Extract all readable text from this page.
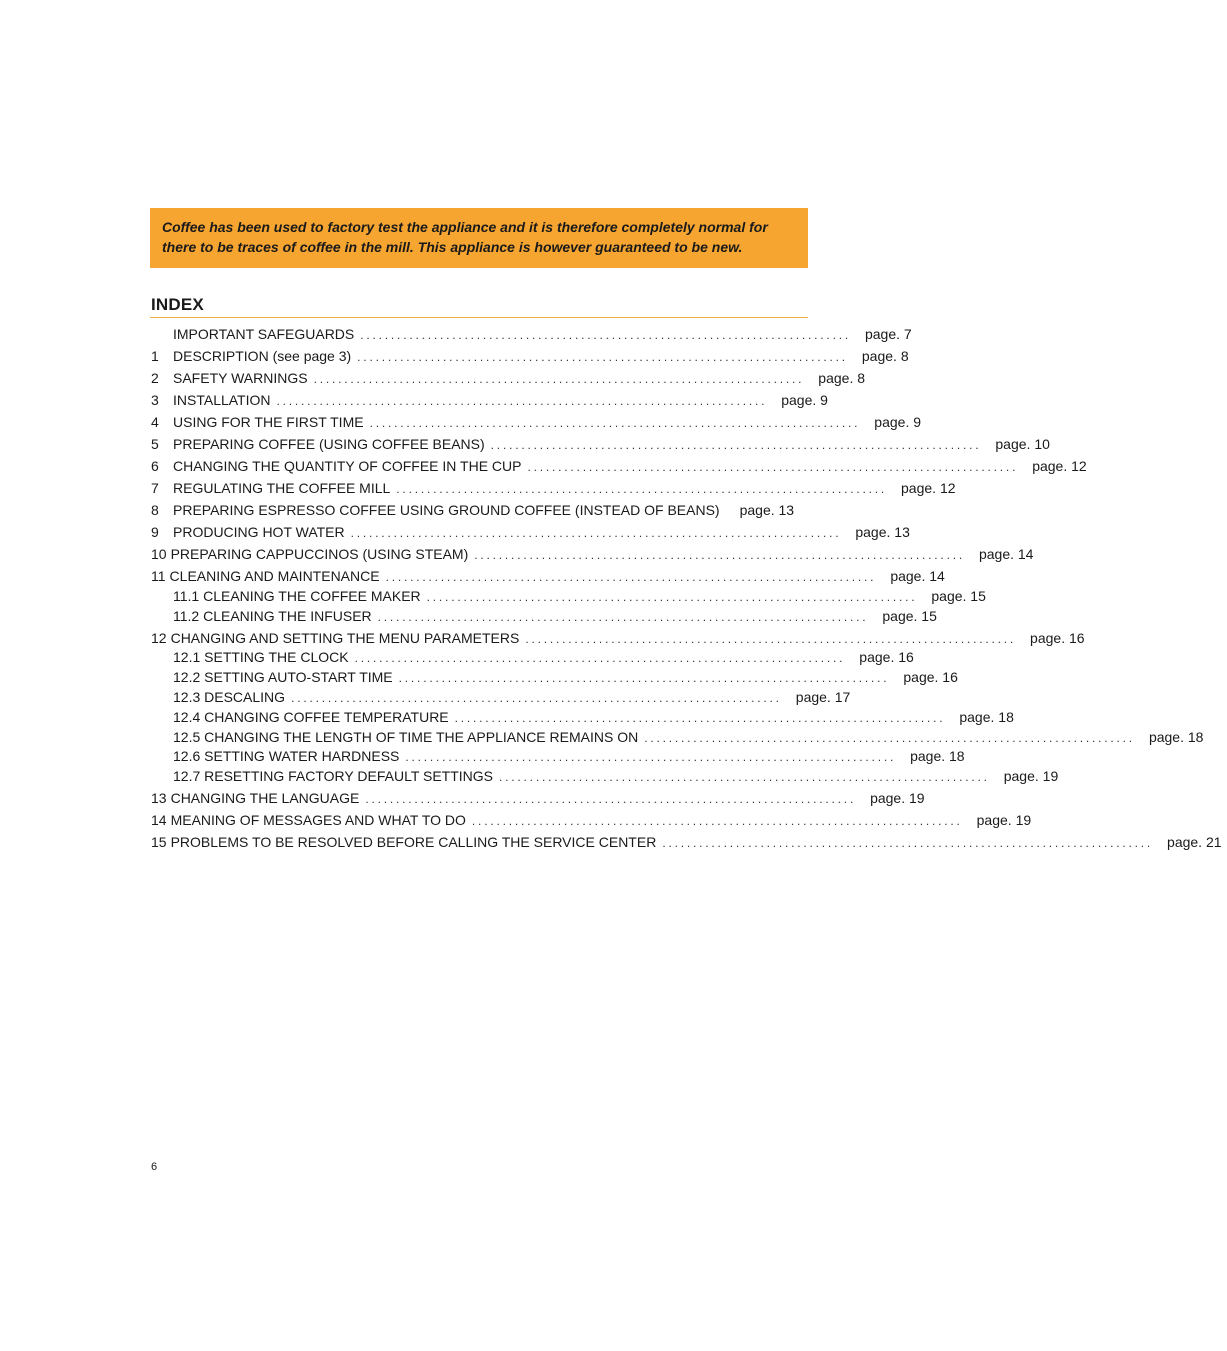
Coffee has been used to factory test the appliance and it is therefore completely normal for there to be traces of coffee in the mill. This appliance is however guaranteed to be new.
INDEX
IMPORTANT SAFEGUARDS ................................................................................ page. 7
1	DESCRIPTION (see page 3) ................................................................................ page. 8
2	SAFETY WARNINGS ................................................................................ page. 8
3	INSTALLATION ................................................................................ page. 9
4	USING FOR THE FIRST TIME ................................................................................ page. 9
5	PREPARING COFFEE (USING COFFEE BEANS) ................................................................................ page. 10
6	CHANGING THE QUANTITY OF COFFEE IN THE CUP ................................................................................ page. 12
7	REGULATING THE COFFEE MILL ................................................................................ page. 12
8	PREPARING ESPRESSO COFFEE USING GROUND COFFEE (INSTEAD OF BEANS)	page. 13
9	PRODUCING HOT WATER ................................................................................ page. 13
10 PREPARING CAPPUCCINOS (USING STEAM) ................................................................................ page. 14
11 CLEANING AND MAINTENANCE ................................................................................ page. 14
11.1 CLEANING THE COFFEE MAKER ................................................................................ page. 15
11.2 CLEANING THE INFUSER ................................................................................ page. 15
12 CHANGING AND SETTING THE MENU PARAMETERS ................................................................................ page. 16
12.1 SETTING THE CLOCK ................................................................................ page. 16
12.2 SETTING AUTO-START TIME ................................................................................ page. 16
12.3 DESCALING ................................................................................ page. 17
12.4 CHANGING COFFEE TEMPERATURE ................................................................................ page. 18
12.5 CHANGING THE LENGTH OF TIME THE APPLIANCE REMAINS ON ................................................................................ page. 18
12.6 SETTING WATER HARDNESS ................................................................................ page. 18
12.7 RESETTING FACTORY DEFAULT SETTINGS ................................................................................ page. 19
13 CHANGING THE LANGUAGE ................................................................................ page. 19
14 MEANING OF MESSAGES AND WHAT TO DO ................................................................................ page. 19
15 PROBLEMS TO BE RESOLVED BEFORE CALLING THE SERVICE CENTER ................................................................................ page. 21
6
